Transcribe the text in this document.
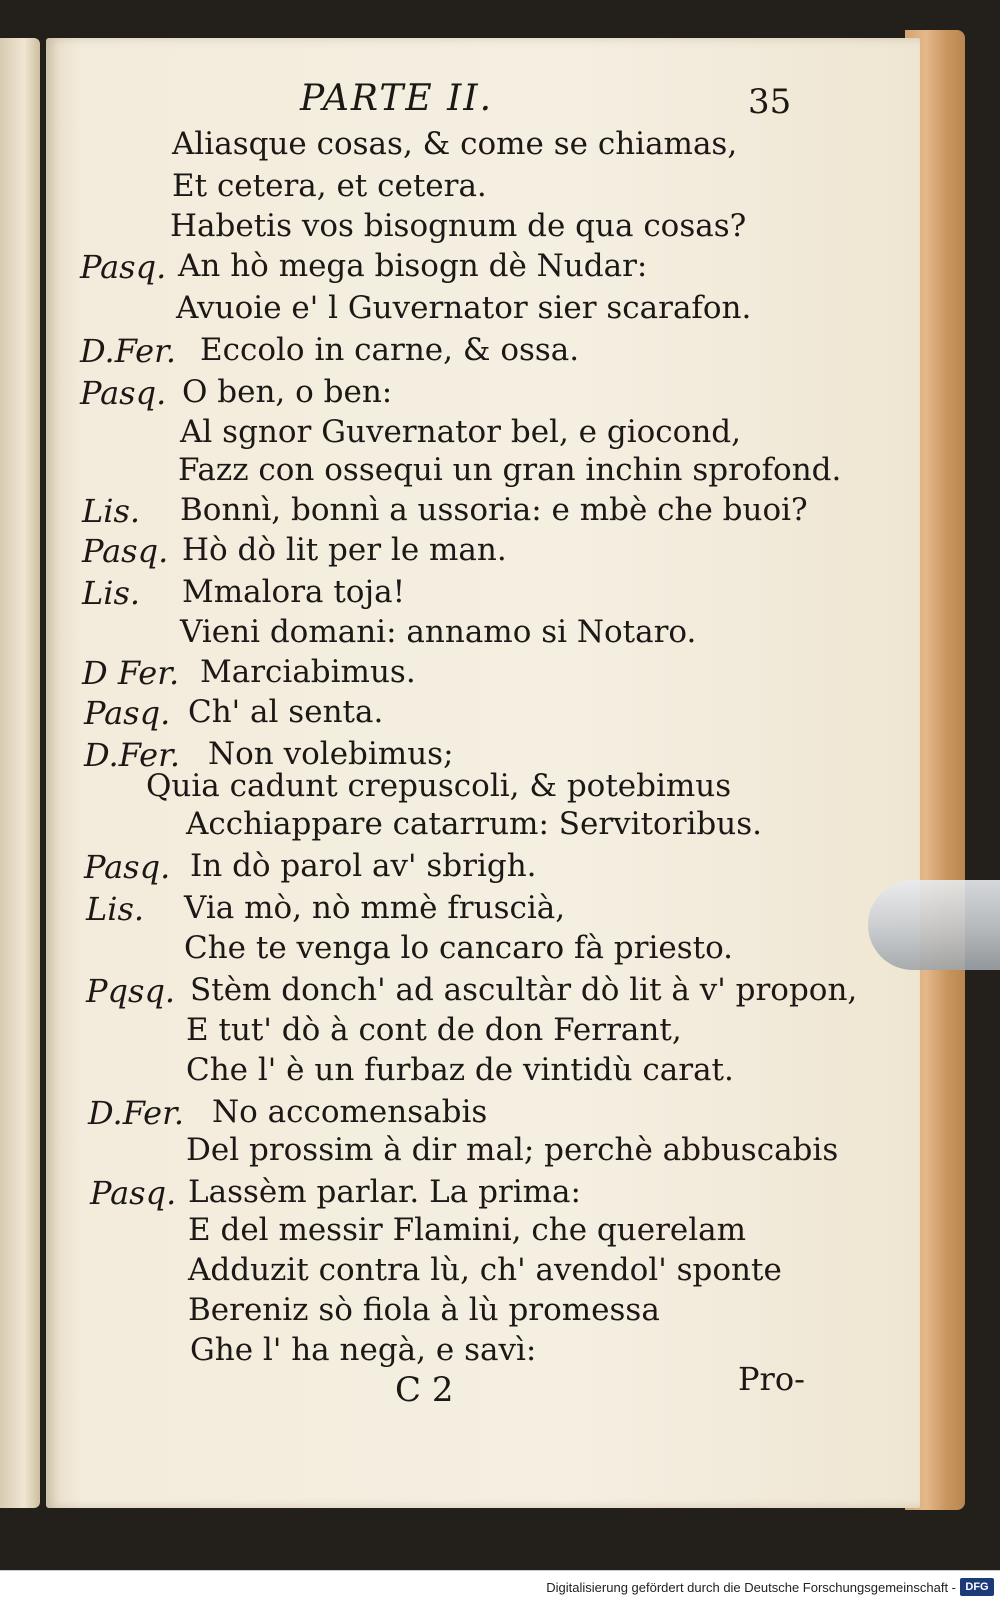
PARTE II.	35
Aliasque cosas, & come se chiamas,
Et cetera, et cetera.
Habetis vos bisognum de qua cosas?
Pasq. An hò mega bisogn dè Nudar:
Avuoie e' l Guvernator sier scarafon.
D.Fer. Eccolo in carne, & ossa.
Pasq. O ben, o ben:
Al sgnor Guvernator bel, e giocond,
Fazz con ossequi un gran inchin sprofond.
Lis. Bonnì, bonnì a ussoria: e mbè che buoi?
Pasq. Hò dò lit per le man.
Lis. Mmalora toja!
Vieni domani: annamo si Notaro.
D Fer. Marciabimus.
Pasq. Ch' al senta.
D.Fer. Non volebimus;
Quia cadunt crepuscoli, & potebimus
Acchiappare catarrum: Servitoribus.
Pasq. In dò parol av' sbrigh.
Lis. Via mò, nò mmè fruscià,
Che te venga lo cancaro fà priesto.
Pqsq. Stèm donch' ad ascultàr dò lit à v' propon,
E tut' dò à cont de don Ferrant,
Che l' è un furbaz de vintidù carat.
D.Fer. No accomensabis
Del prossim à dir mal; perchè abbuscabis
Pasq. Lassèm parlar. La prima:
E del messir Flamini, che querelam
Adduzit contra lù, ch' avendol' sponte
Bereniz sò fiola à lù promessa
Ghe l' ha negà, e savì:
C 2	Pro-
Digitalisierung gefördert durch die Deutsche Forschungsgemeinschaft - DFG
